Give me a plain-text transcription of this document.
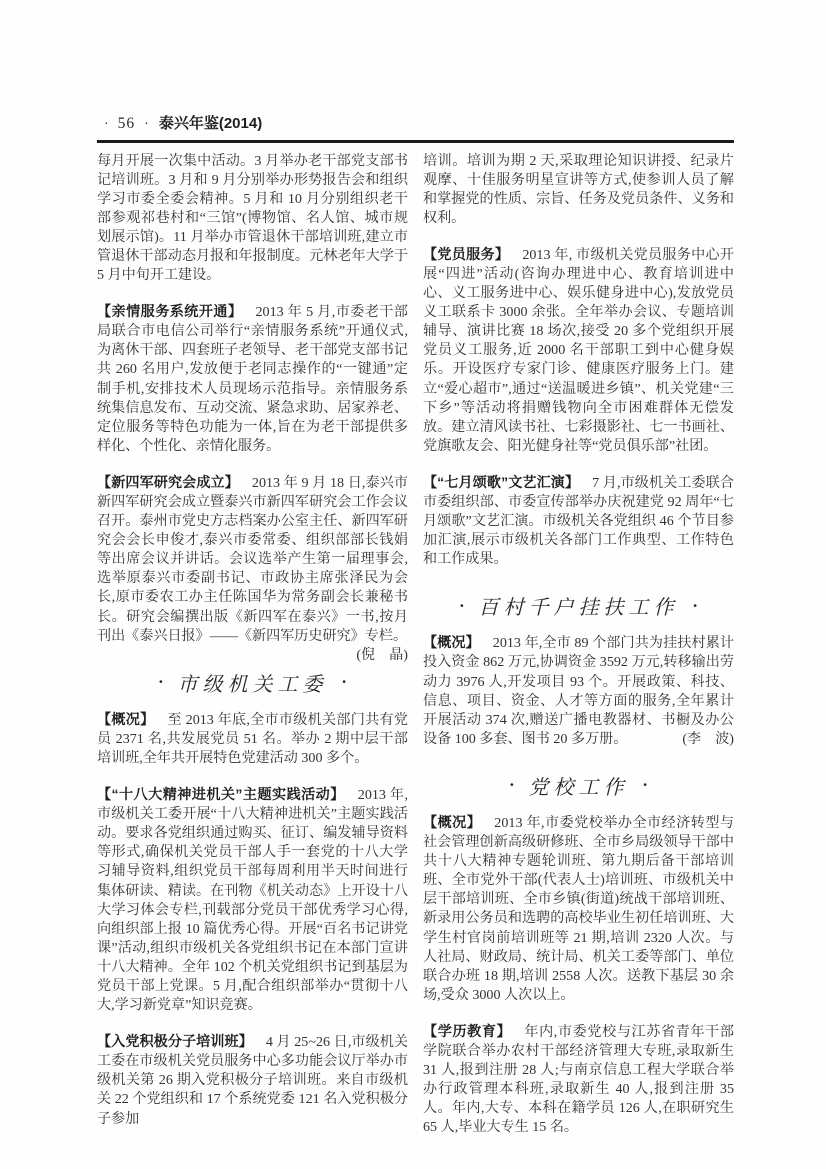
· 56 · 泰兴年鉴(2014)

每月开展一次集中活动。3 月举办老干部党支部书记培训班。3 月和 9 月分别举办形势报告会和组织学习市委全委会精神。5 月和 10 月分别组织老干部参观祁巷村和“三馆”(博物馆、名人馆、城市规划展示馆)。11 月举办市管退休干部培训班,建立市管退休干部动态月报和年报制度。元林老年大学于 5 月中旬开工建设。

【亲情服务系统开通】 2013 年 5 月,市委老干部局联合市电信公司举行“亲情服务系统”开通仪式,为离休干部、四套班子老领导、老干部党支部书记共 260 名用户,发放便于老同志操作的“一键通”定制手机,安排技术人员现场示范指导。亲情服务系统集信息发布、互动交流、紧急求助、居家养老、定位服务等特色功能为一体,旨在为老干部提供多样化、个性化、亲情化服务。

【新四军研究会成立】 2013 年 9 月 18 日,泰兴市新四军研究会成立暨泰兴市新四军研究会工作会议召开。泰州市党史方志档案办公室主任、新四军研究会会长申俊才,泰兴市委常委、组织部部长钱娟等出席会议并讲话。会议选举产生第一届理事会,选举原泰兴市委副书记、市政协主席张泽民为会长,原市委农工办主任陈国华为常务副会长兼秘书长。研究会编撰出版《新四军在泰兴》一书,按月刊出《泰兴日报》——《新四军历史研究》专栏。
(倪　晶)

· 市级机关工委 ·

【概况】 至 2013 年底,全市市级机关部门共有党员 2371 名,共发展党员 51 名。举办 2 期中层干部培训班,全年共开展特色党建活动 300 多个。

【“十八大精神进机关”主题实践活动】 2013 年,市级机关工委开展“十八大精神进机关”主题实践活动。要求各党组织通过购买、征订、编发辅导资料等形式,确保机关党员干部人手一套党的十八大学习辅导资料,组织党员干部每周利用半天时间进行集体研读、精读。在刊物《机关动态》上开设十八大学习体会专栏,刊载部分党员干部优秀学习心得,向组织部上报 10 篇优秀心得。开展“百名书记讲党课”活动,组织市级机关各党组织书记在本部门宣讲十八大精神。全年 102 个机关党组织书记到基层为党员干部上党课。5 月,配合组织部举办“贯彻十八大,学习新党章”知识竞赛。

【入党积极分子培训班】 4 月 25~26 日,市级机关工委在市级机关党员服务中心多功能会议厅举办市级机关第 26 期入党积极分子培训班。来自市级机关 22 个党组织和 17 个系统党委 121 名入党积极分子参加

培训。培训为期 2 天,采取理论知识讲授、纪录片观摩、十佳服务明星宣讲等方式,使参训人员了解和掌握党的性质、宗旨、任务及党员条件、义务和权利。

【党员服务】 2013 年, 市级机关党员服务中心开展“四进”活动(咨询办理进中心、教育培训进中心、义工服务进中心、娱乐健身进中心),发放党员义工联系卡 3000 余张。全年举办会议、专题培训辅导、演讲比赛 18 场次,接受 20 多个党组织开展党员义工服务,近 2000 名干部职工到中心健身娱乐。开设医疗专家门诊、健康医疗服务上门。建立“爱心超市”,通过“送温暖进乡镇”、机关党建“三下乡”等活动将捐赠钱物向全市困难群体无偿发放。建立清风读书社、七彩摄影社、七一书画社、党旗歌友会、阳光健身社等“党员俱乐部”社团。

【“七月颂歌”文艺汇演】 7 月,市级机关工委联合市委组织部、市委宣传部举办庆祝建党 92 周年“七月颂歌”文艺汇演。市级机关各党组织 46 个节目参加汇演,展示市级机关各部门工作典型、工作特色和工作成果。

· 百村千户挂扶工作 ·

【概况】 2013 年,全市 89 个部门共为挂扶村累计投入资金 862 万元,协调资金 3592 万元,转移输出劳动力 3976 人,开发项目 93 个。开展政策、科技、信息、项目、资金、人才等方面的服务,全年累计开展活动 374 次,赠送广播电教器材、书橱及办公设备 100 多套、图书 20 多万册。	(李　波)

· 党校工作 ·

【概况】 2013 年,市委党校举办全市经济转型与社会管理创新高级研修班、全市乡局级领导干部中共十八大精神专题轮训班、第九期后备干部培训班、全市党外干部(代表人士)培训班、市级机关中层干部培训班、全市乡镇(街道)统战干部培训班、新录用公务员和选聘的高校毕业生初任培训班、大学生村官岗前培训班等 21 期,培训 2320 人次。与人社局、财政局、统计局、机关工委等部门、单位联合办班 18 期,培训 2558 人次。送教下基层 30 余场,受众 3000 人次以上。

【学历教育】 年内,市委党校与江苏省青年干部学院联合举办农村干部经济管理大专班,录取新生 31 人,报到注册 28 人;与南京信息工程大学联合举办行政管理本科班,录取新生 40 人,报到注册 35 人。年内,大专、本科在籍学员 126 人,在职研究生 65 人,毕业大专生 15 名。
